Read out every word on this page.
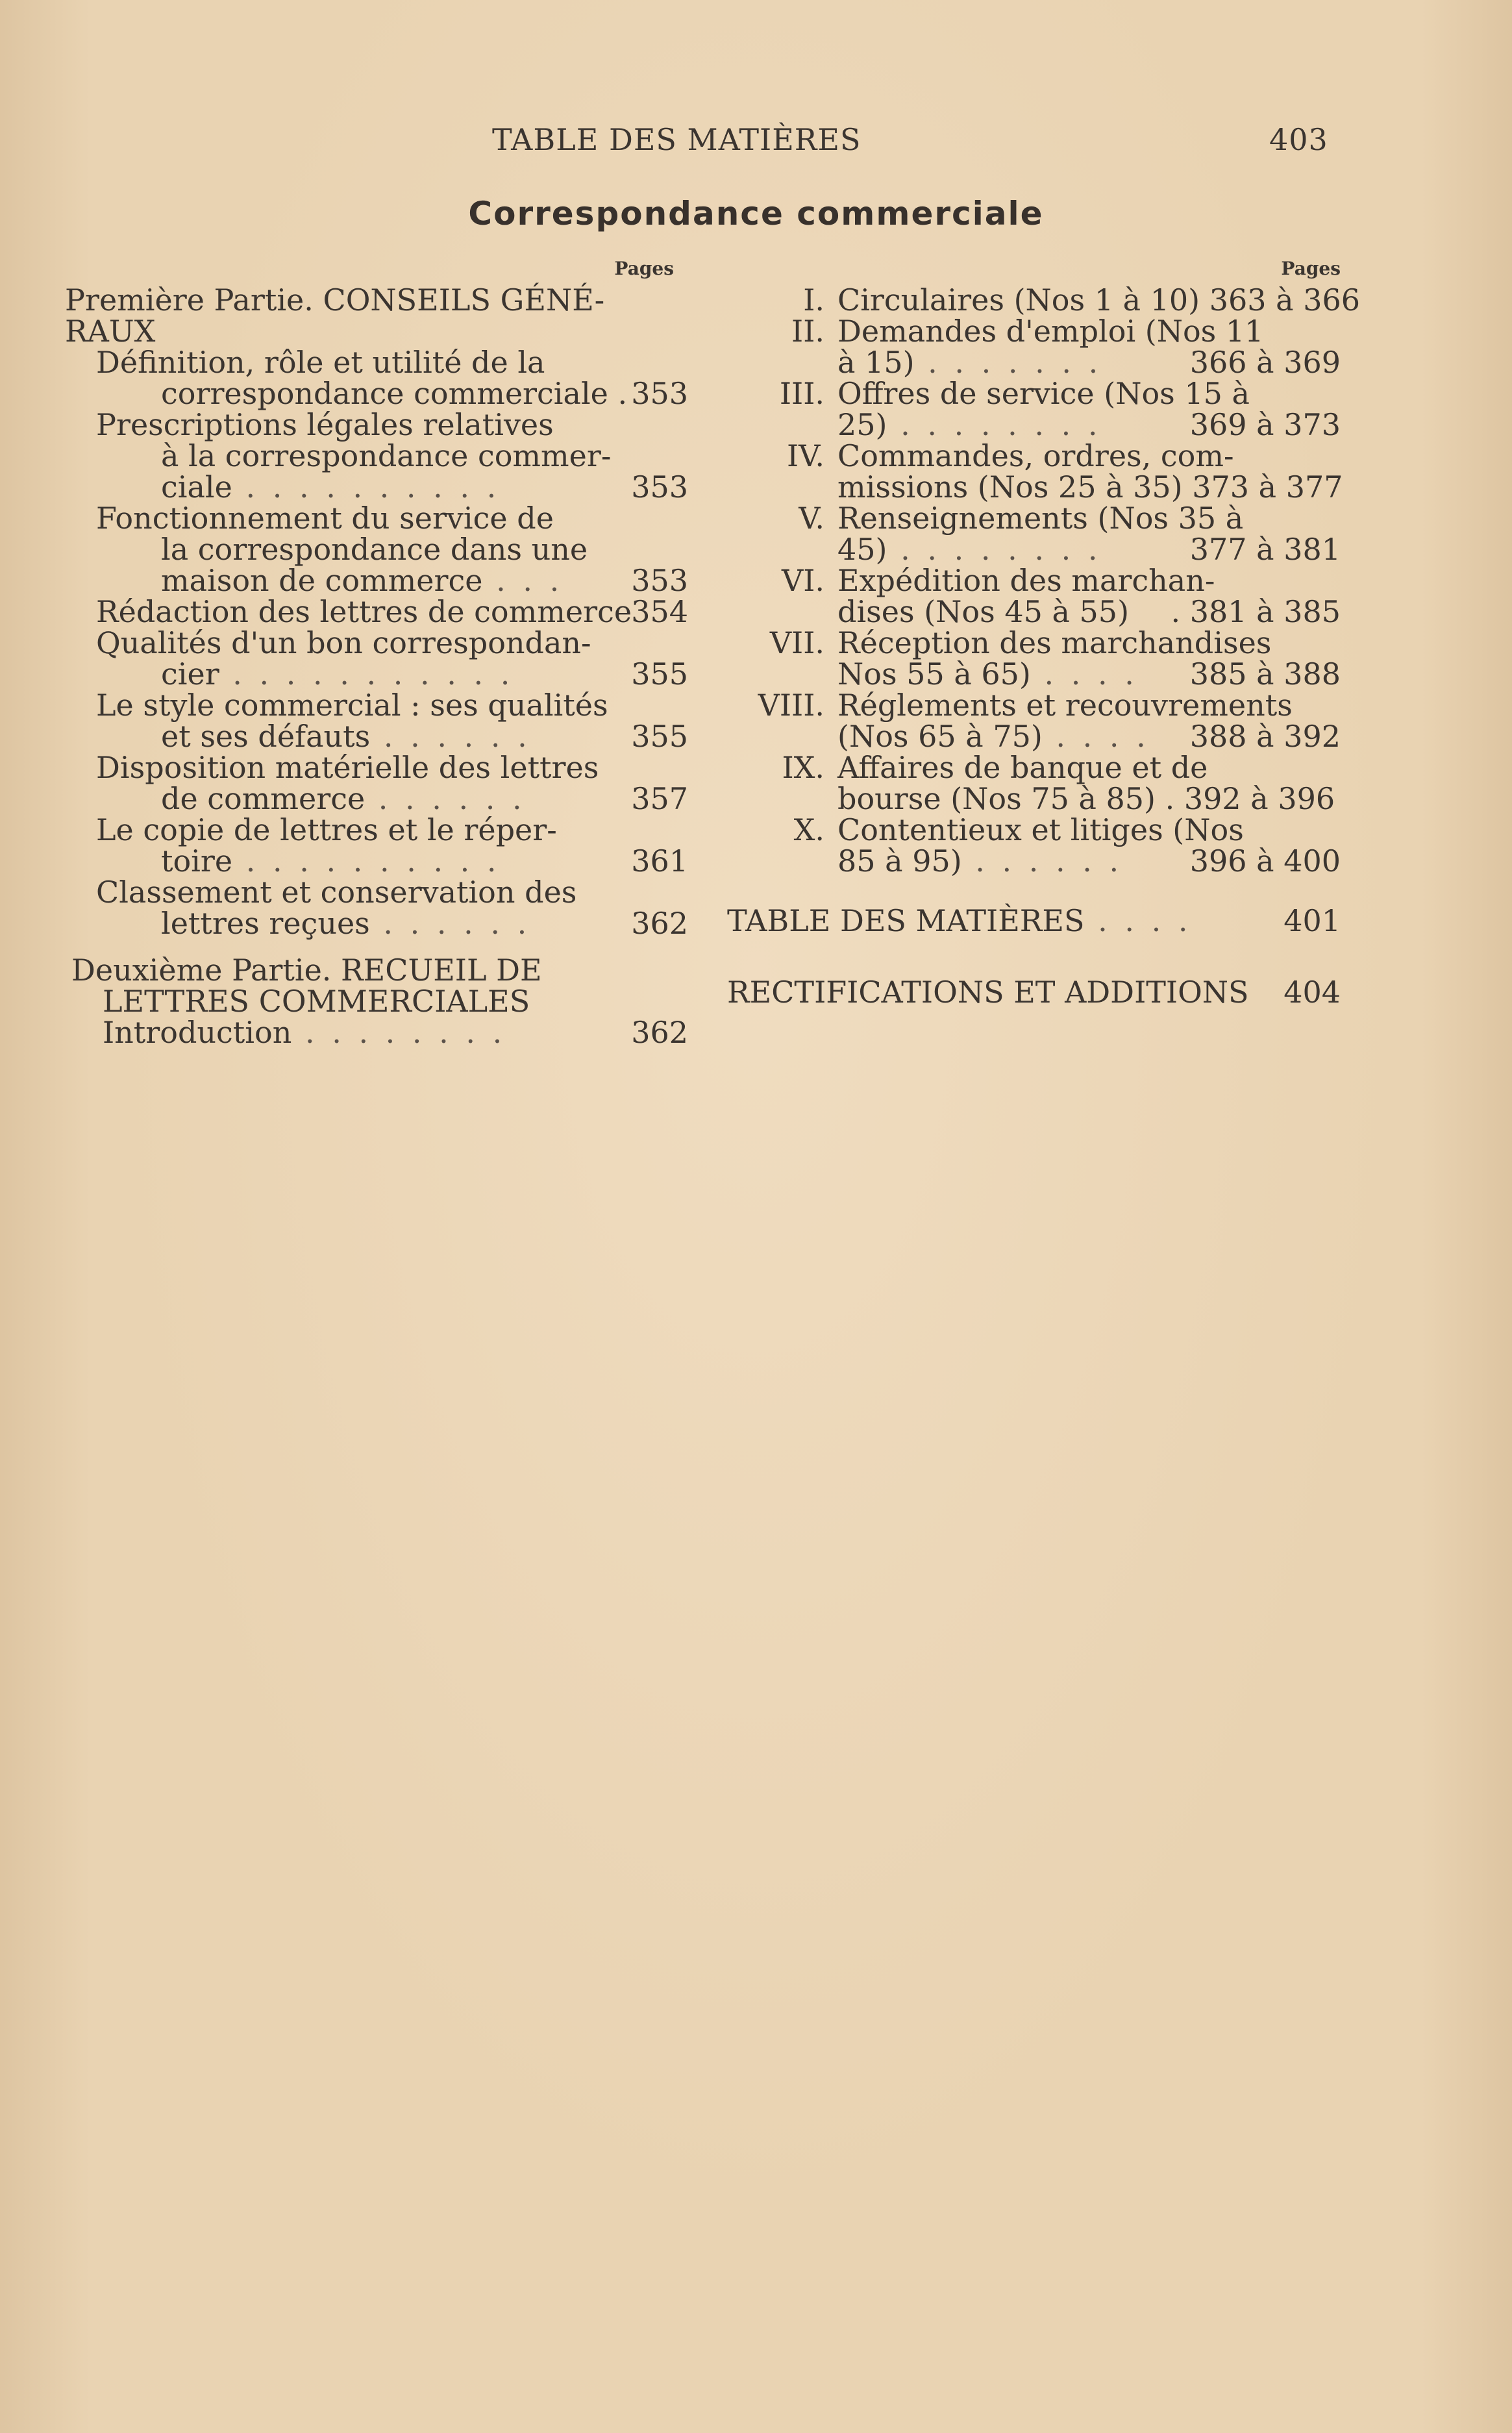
TABLE DES MATIÈRES	403
Correspondance commerciale
Pages
Première Partie. CONSEILS GÉNÉ-
RAUX
Définition, rôle et utilité de la
correspondance commerciale . 353
Prescriptions légales relatives
à la correspondance commer-
ciale . . . . . . . . . .	353
Fonctionnement du service de
la correspondance dans une
maison de commerce . . . 353
Rédaction des lettres de commerce 354
Qualités d'un bon correspondan-
cier . . . . . . . . . . .	355
Le style commercial : ses qualités
et ses défauts . . . . . .	355
Disposition matérielle des lettres
de commerce . . . . . .	357
Le copie de lettres et le réper-
toire . . . . . . . . . .	361
Classement et conservation des
lettres reçues . . . . . .	362
Deuxième Partie. RECUEIL DE
LETTRES COMMERCIALES
Introduction . . . . . . . .	362
Pages
I. Circulaires (Nos 1 à 10) 363 à 366
II. Demandes d'emploi (Nos 11
à 15) . . . . . . .	366 à 369
III. Offres de service (Nos 15 à
25) . . . . . . . .	369 à 373
IV. Commandes, ordres, com-
missions (Nos 25 à 35) 373 à 377
V. Renseignements (Nos 35 à
45) . . . . . . . .	377 à 381
VI. Expédition des marchan-
dises (Nos 45 à 55)	. 381 à 385
VII. Réception des marchandises
Nos 55 à 65) . . . .	385 à 388
VIII. Réglements et recouvrements
(Nos 65 à 75) . . . .	388 à 392
IX. Affaires de banque et de
bourse (Nos 75 à 85) . 392 à 396
X. Contentieux et litiges (Nos
85 à 95) . . . . . .	396 à 400
TABLE DES MATIÈRES . . . .	401
RECTIFICATIONS ET ADDITIONS 404
